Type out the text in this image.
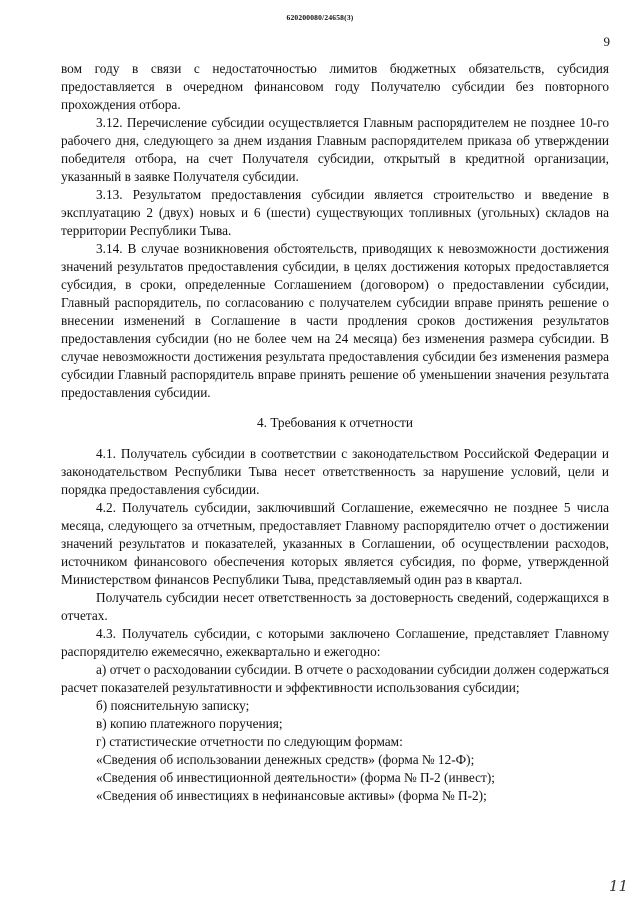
620200080/24658(3)
9

вом году в связи с недостаточностью лимитов бюджетных обязательств, субсидия предоставляется в очередном финансовом году Получателю субсидии без повторного прохождения отбора.

3.12. Перечисление субсидии осуществляется Главным распорядителем не позднее 10-го рабочего дня, следующего за днем издания Главным распорядителем приказа об утверждении победителя отбора, на счет Получателя субсидии, открытый в кредитной организации, указанный в заявке Получателя субсидии.

3.13. Результатом предоставления субсидии является строительство и введение в эксплуатацию 2 (двух) новых и 6 (шести) существующих топливных (угольных) складов на территории Республики Тыва.

3.14. В случае возникновения обстоятельств, приводящих к невозможности достижения значений результатов предоставления субсидии, в целях достижения которых предоставляется субсидия, в сроки, определенные Соглашением (договором) о предоставлении субсидии, Главный распорядитель, по согласованию с получателем субсидии вправе принять решение о внесении изменений в Соглашение в части продления сроков достижения результатов предоставления субсидии (но не более чем на 24 месяца) без изменения размера субсидии. В случае невозможности достижения результата предоставления субсидии без изменения размера субсидии Главный распорядитель вправе принять решение об уменьшении значения результата предоставления субсидии.

4. Требования к отчетности

4.1. Получатель субсидии в соответствии с законодательством Российской Федерации и законодательством Республики Тыва несет ответственность за нарушение условий, цели и порядка предоставления субсидии.

4.2. Получатель субсидии, заключивший Соглашение, ежемесячно не позднее 5 числа месяца, следующего за отчетным, предоставляет Главному распорядителю отчет о достижении значений результатов и показателей, указанных в Соглашении, об осуществлении расходов, источником финансового обеспечения которых является субсидия, по форме, утвержденной Министерством финансов Республики Тыва, представляемый один раз в квартал.

Получатель субсидии несет ответственность за достоверность сведений, содержащихся в отчетах.

4.3. Получатель субсидии, с которыми заключено Соглашение, представляет Главному распорядителю ежемесячно, ежеквартально и ежегодно:

а) отчет о расходовании субсидии. В отчете о расходовании субсидии должен содержаться расчет показателей результативности и эффективности использования субсидии;

б) пояснительную записку;

в) копию платежного поручения;

г) статистические отчетности по следующим формам:

«Сведения об использовании денежных средств» (форма № 12-Ф);

«Сведения об инвестиционной деятельности» (форма № П-2 (инвест);

«Сведения об инвестициях в нефинансовые активы» (форма № П-2);

11
